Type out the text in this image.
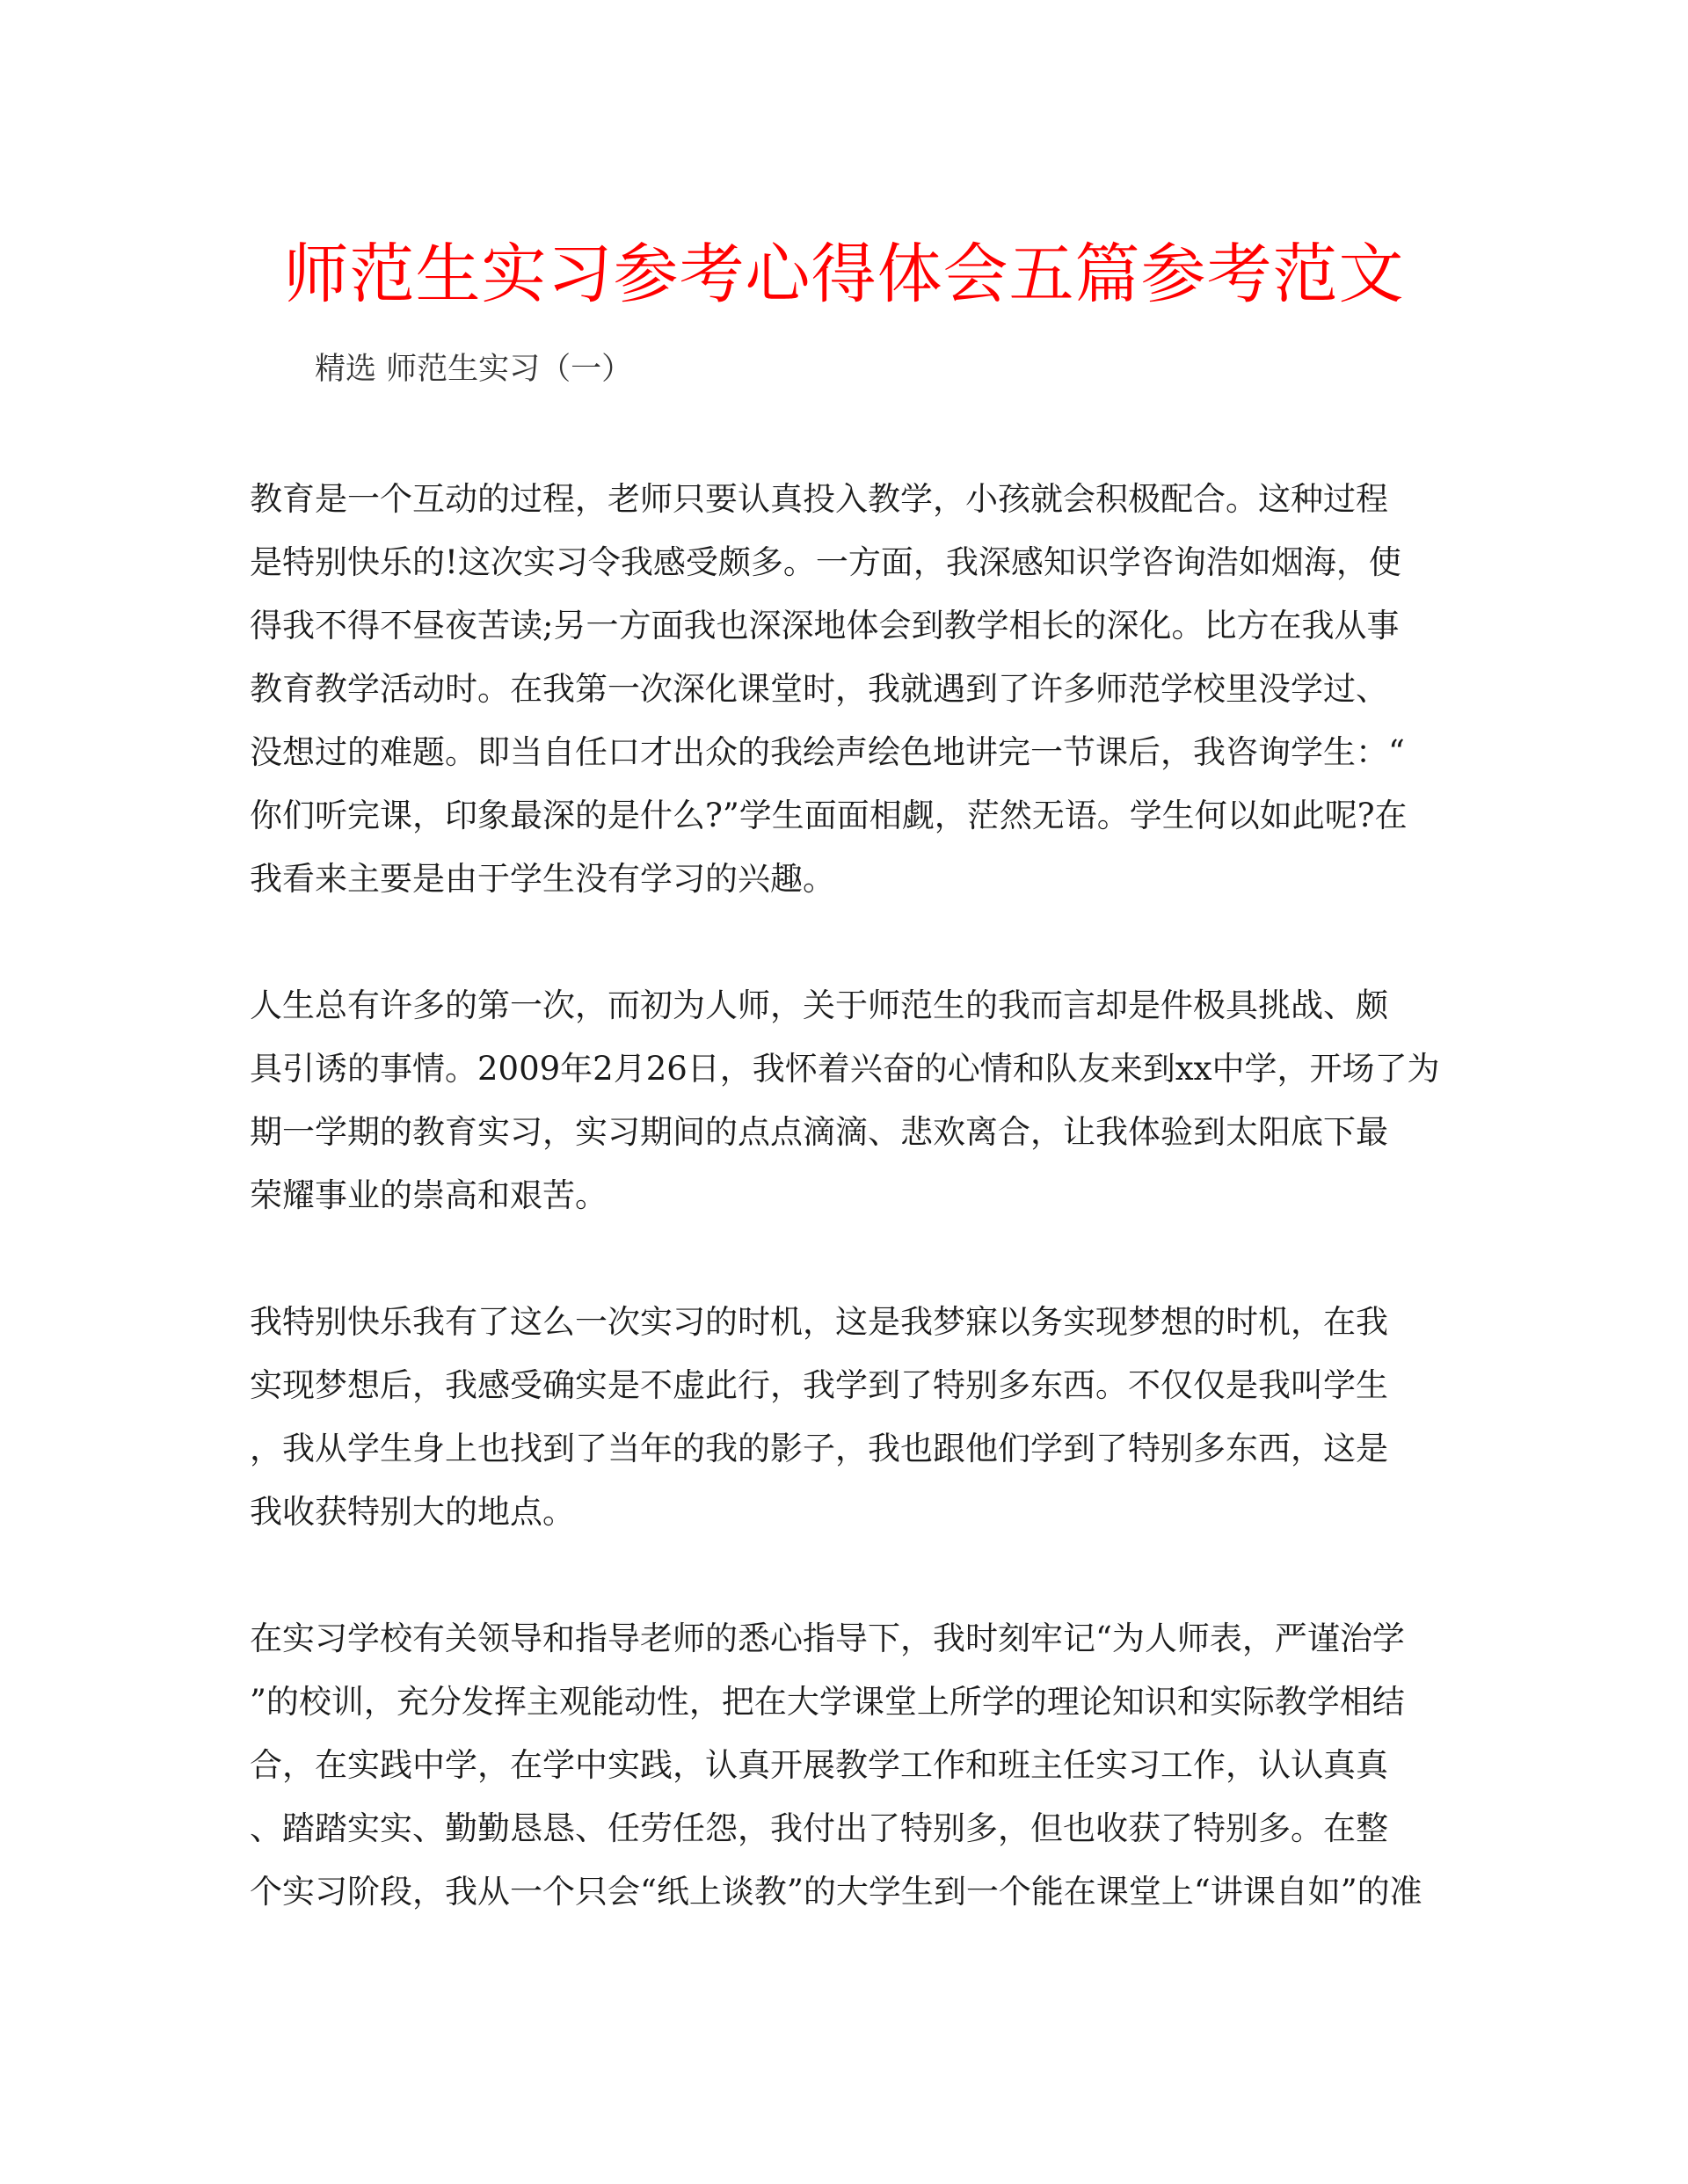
师范生实习参考心得体会五篇参考范文
精选 师范生实习（一）
教育是一个互动的过程，老师只要认真投入教学，小孩就会积极配合。这种过程
是特别快乐的!这次实习令我感受颇多。一方面，我深感知识学咨询浩如烟海，使
得我不得不昼夜苦读;另一方面我也深深地体会到教学相长的深化。比方在我从事
教育教学活动时。在我第一次深化课堂时，我就遇到了许多师范学校里没学过、
没想过的难题。即当自任口才出众的我绘声绘色地讲完一节课后，我咨询学生：“
你们听完课，印象最深的是什么?”学生面面相觑，茫然无语。学生何以如此呢?在
我看来主要是由于学生没有学习的兴趣。
人生总有许多的第一次，而初为人师，关于师范生的我而言却是件极具挑战、颇
具引诱的事情。2009年2月26日，我怀着兴奋的心情和队友来到xx中学，开场了为
期一学期的教育实习，实习期间的点点滴滴、悲欢离合，让我体验到太阳底下最
荣耀事业的崇高和艰苦。
我特别快乐我有了这么一次实习的时机，这是我梦寐以务实现梦想的时机，在我
实现梦想后，我感受确实是不虚此行，我学到了特别多东西。不仅仅是我叫学生
，我从学生身上也找到了当年的我的影子，我也跟他们学到了特别多东西，这是
我收获特别大的地点。
在实习学校有关领导和指导老师的悉心指导下，我时刻牢记“为人师表，严谨治学
”的校训，充分发挥主观能动性，把在大学课堂上所学的理论知识和实际教学相结
合，在实践中学，在学中实践，认真开展教学工作和班主任实习工作，认认真真
、踏踏实实、勤勤恳恳、任劳任怨，我付出了特别多，但也收获了特别多。在整
个实习阶段，我从一个只会“纸上谈教”的大学生到一个能在课堂上“讲课自如”的准
